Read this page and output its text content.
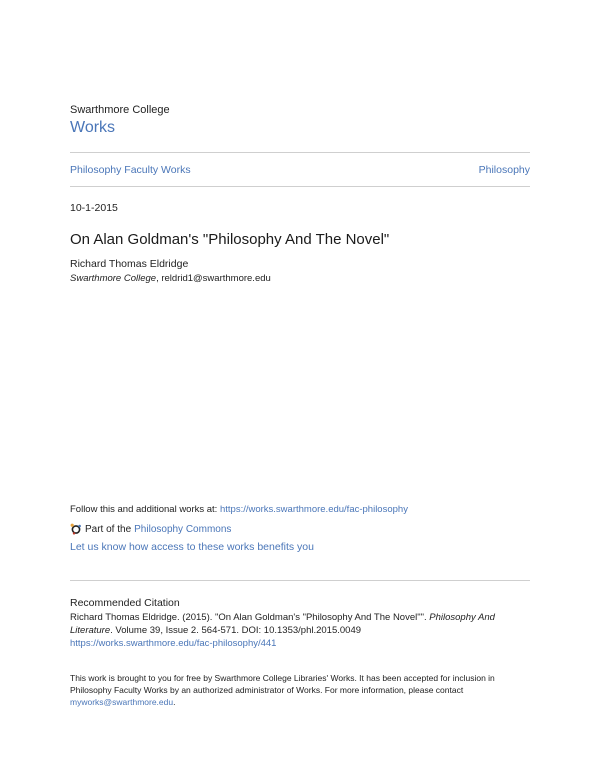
Swarthmore College
Works
Philosophy Faculty Works	Philosophy
10-1-2015
On Alan Goldman's "Philosophy And The Novel"
Richard Thomas Eldridge
Swarthmore College, reldrid1@swarthmore.edu
Follow this and additional works at: https://works.swarthmore.edu/fac-philosophy
Part of the Philosophy Commons
Let us know how access to these works benefits you
Recommended Citation
Richard Thomas Eldridge. (2015). "On Alan Goldman's "Philosophy And The Novel"". Philosophy And Literature. Volume 39, Issue 2. 564-571. DOI: 10.1353/phl.2015.0049
https://works.swarthmore.edu/fac-philosophy/441
This work is brought to you for free by Swarthmore College Libraries' Works. It has been accepted for inclusion in Philosophy Faculty Works by an authorized administrator of Works. For more information, please contact myworks@swarthmore.edu.
